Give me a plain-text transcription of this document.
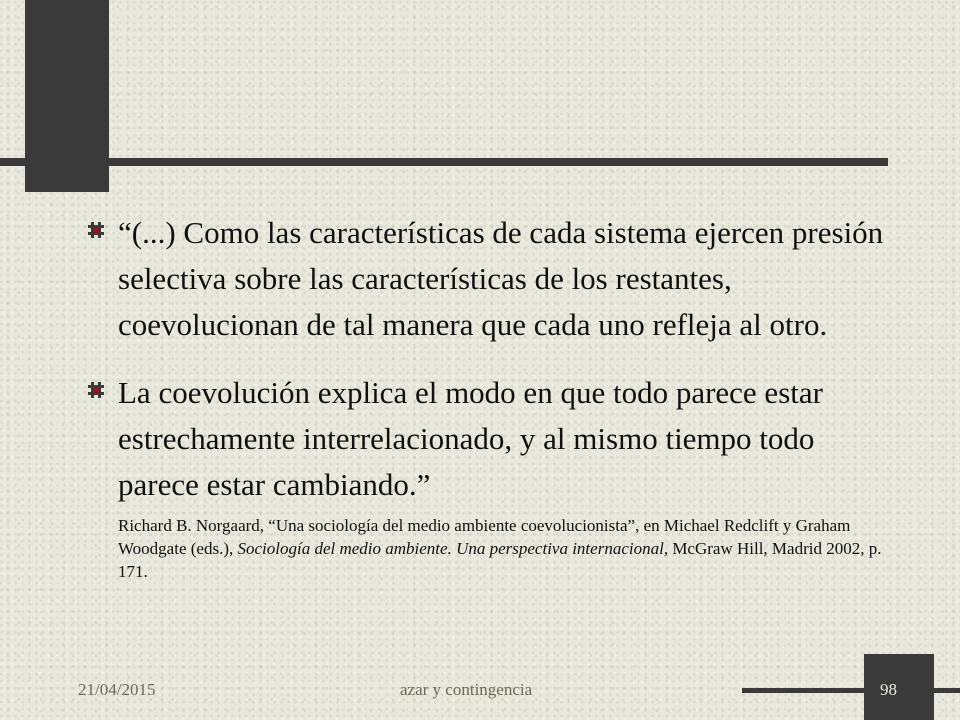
“(...) Como las características de cada sistema ejercen presión selectiva sobre las características de los restantes, coevolucionan de tal manera que cada uno refleja al otro.
La coevolución explica el modo en que todo parece estar estrechamente interrelacionado, y al mismo tiempo todo parece estar cambiando.”
Richard B. Norgaard, “Una sociología del medio ambiente coevolucionista”, en Michael Redclift y Graham Woodgate (eds.), Sociología del medio ambiente. Una perspectiva internacional, McGraw Hill, Madrid 2002, p. 171.
21/04/2015	azar y contingencia	98
